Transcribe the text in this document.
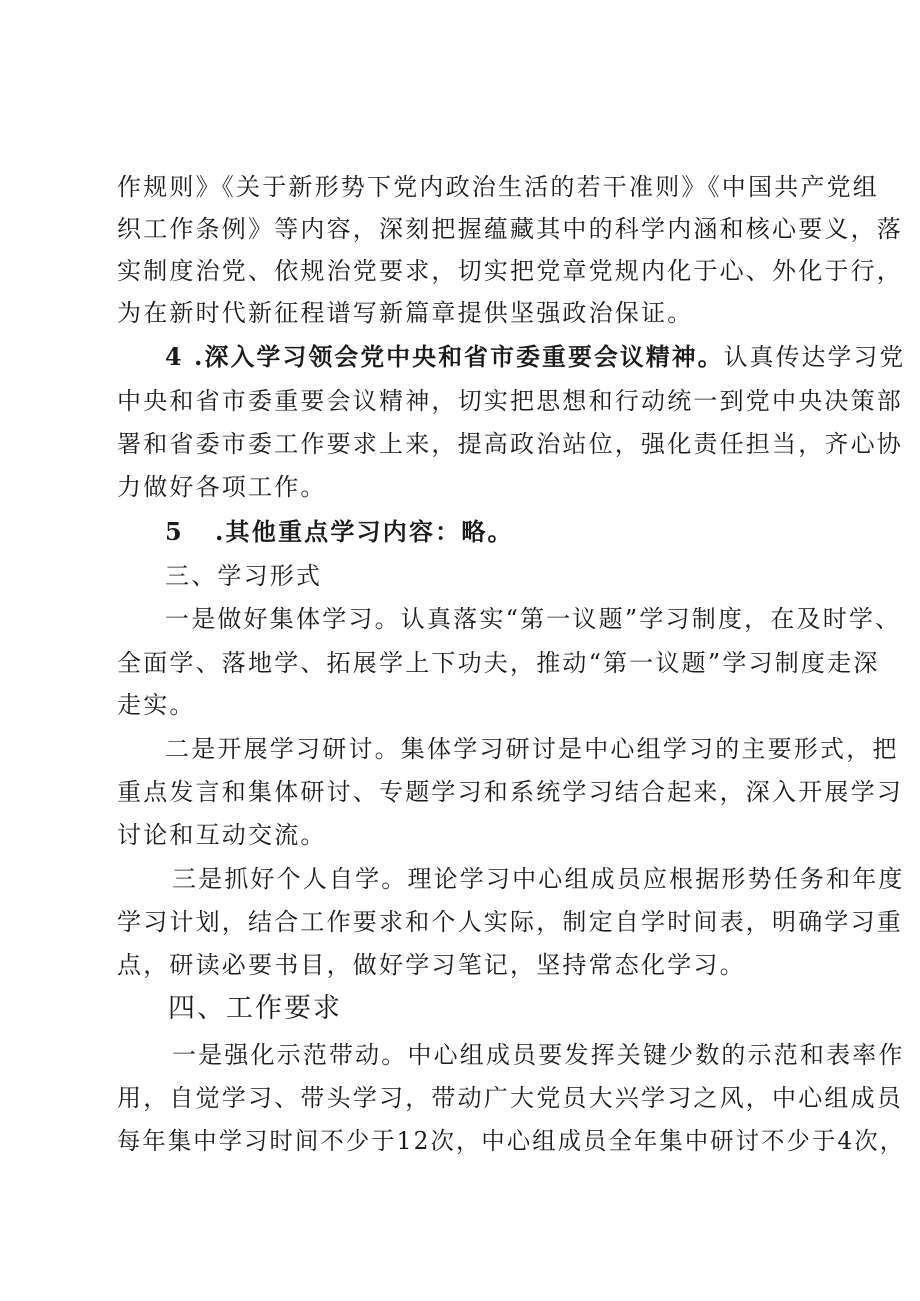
作规则》《关于新形势下党内政治生活的若干准则》《中国共产党组
织工作条例》等内容，深刻把握蕴藏其中的科学内涵和核心要义，落
实制度治党、依规治党要求，切实把党章党规内化于心、外化于行，
为在新时代新征程谱写新篇章提供坚强政治保证。
4 .深入学习领会党中央和省市委重要会议精神。认真传达学习党
中央和省市委重要会议精神，切实把思想和行动统一到党中央决策部
署和省委市委工作要求上来，提高政治站位，强化责任担当，齐心协
力做好各项工作。
5 .其他重点学习内容：略。
三、学习形式
一是做好集体学习。认真落实“第一议题”学习制度，在及时学、
全面学、落地学、拓展学上下功夫，推动“第一议题”学习制度走深
走实。
二是开展学习研讨。集体学习研讨是中心组学习的主要形式，把
重点发言和集体研讨、专题学习和系统学习结合起来，深入开展学习
讨论和互动交流。
三是抓好个人自学。理论学习中心组成员应根据形势任务和年度
学习计划，结合工作要求和个人实际，制定自学时间表，明确学习重
点，研读必要书目，做好学习笔记，坚持常态化学习。
四、工作要求
一是强化示范带动。中心组成员要发挥关键少数的示范和表率作
用，自觉学习、带头学习，带动广大党员大兴学习之风，中心组成员
每年集中学习时间不少于12次，中心组成员全年集中研讨不少于4次，
